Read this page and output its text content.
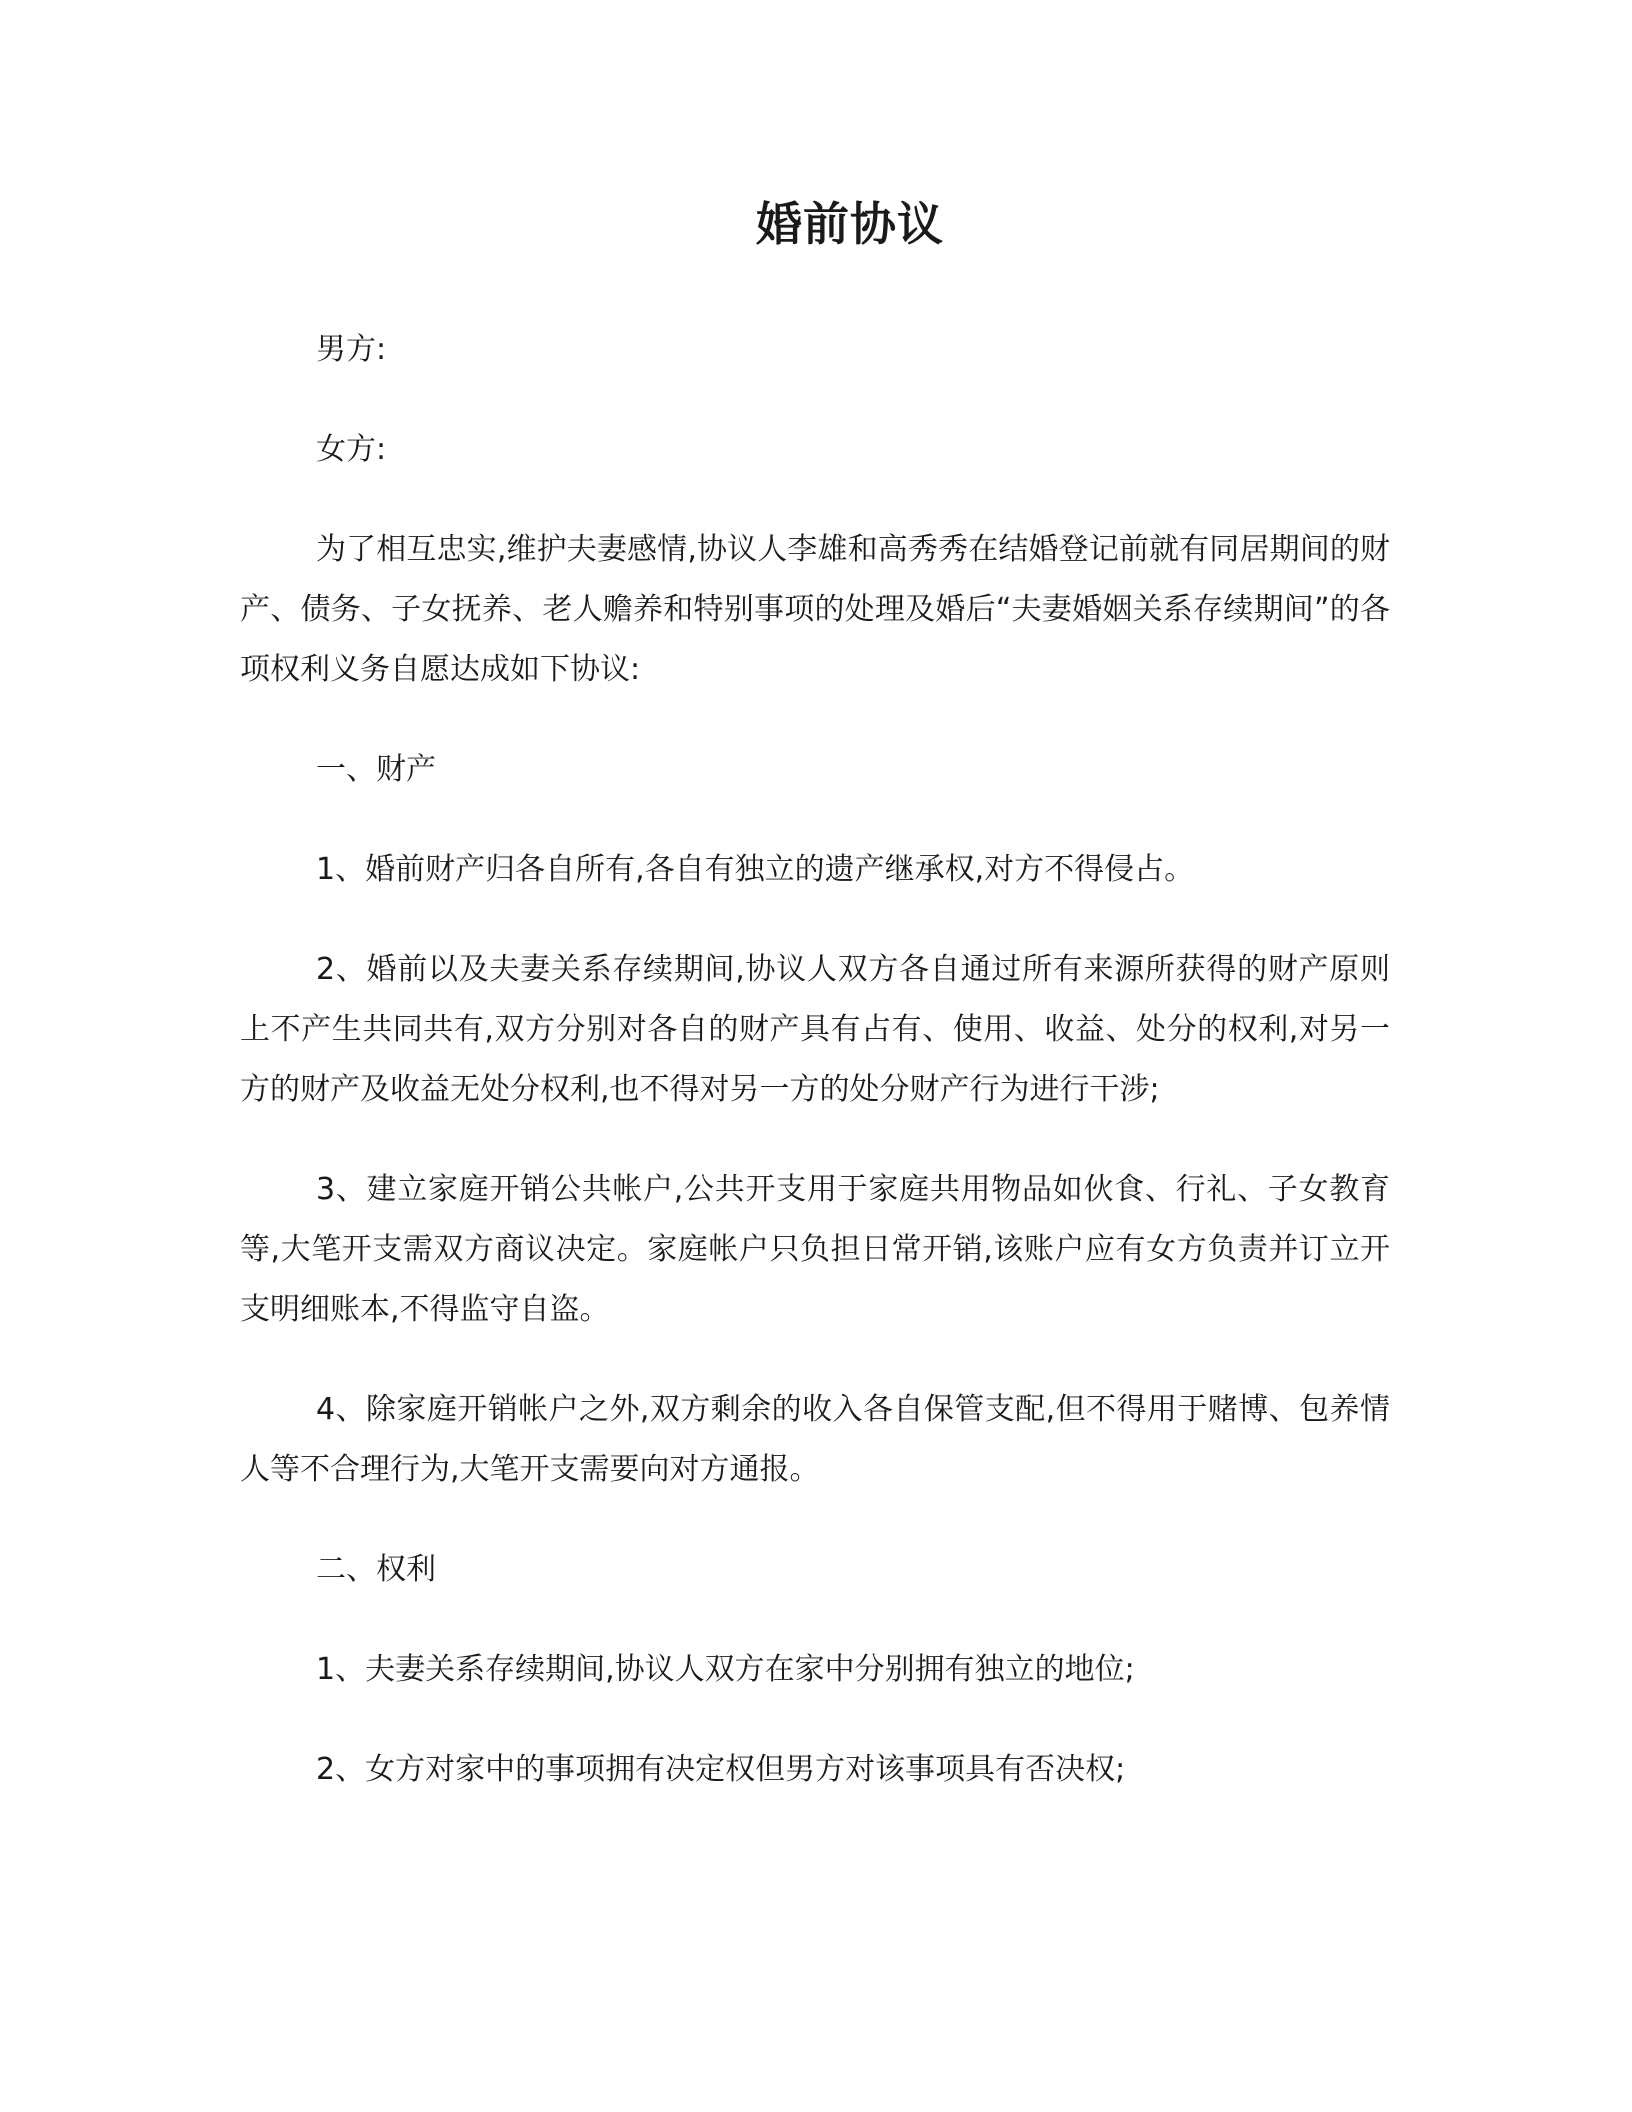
婚前协议

男方:

女方:

为了相互忠实,维护夫妻感情,协议人李雄和高秀秀在结婚登记前就有同居期间的财产、债务、子女抚养、老人赡养和特别事项的处理及婚后“夫妻婚姻关系存续期间”的各项权利义务自愿达成如下协议:

一、财产

1、婚前财产归各自所有,各自有独立的遗产继承权,对方不得侵占。

2、婚前以及夫妻关系存续期间,协议人双方各自通过所有来源所获得的财产原则上不产生共同共有,双方分别对各自的财产具有占有、使用、收益、处分的权利,对另一方的财产及收益无处分权利,也不得对另一方的处分财产行为进行干涉;

3、建立家庭开销公共帐户,公共开支用于家庭共用物品如伙食、行礼、子女教育等,大笔开支需双方商议决定。家庭帐户只负担日常开销,该账户应有女方负责并订立开支明细账本,不得监守自盗。

4、除家庭开销帐户之外,双方剩余的收入各自保管支配,但不得用于赌博、包养情人等不合理行为,大笔开支需要向对方通报。

二、权利

1、夫妻关系存续期间,协议人双方在家中分别拥有独立的地位;

2、女方对家中的事项拥有决定权但男方对该事项具有否决权;
